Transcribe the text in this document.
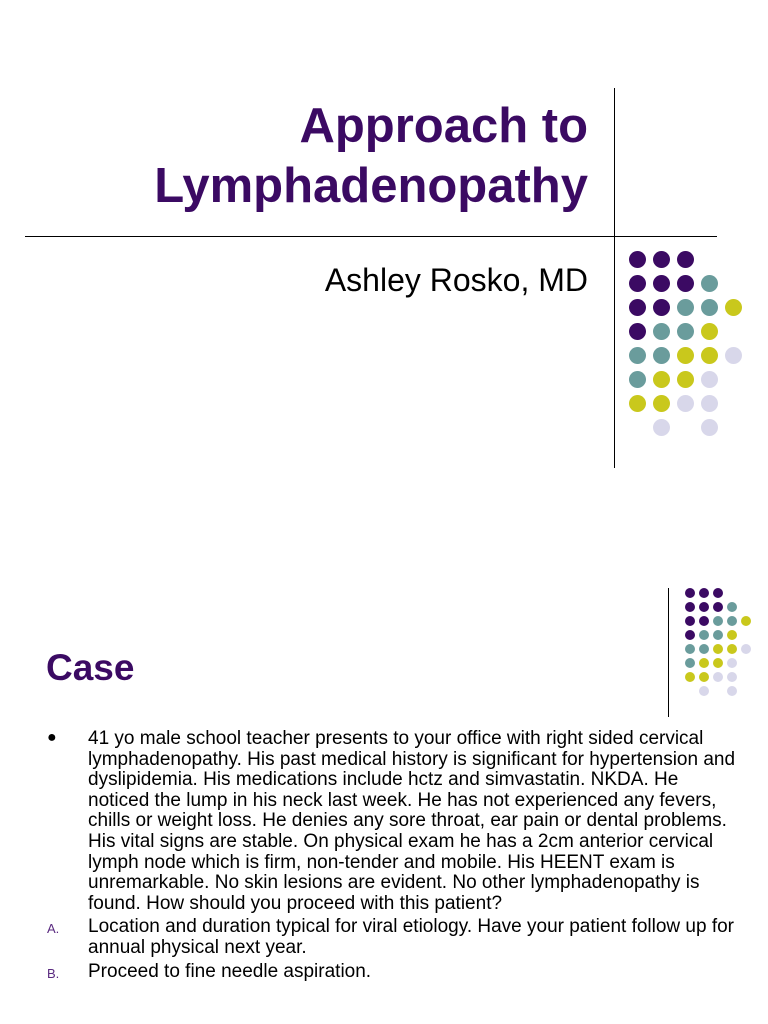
Approach to
Lymphadenopathy
Ashley Rosko, MD
Case
● 41 yo male school teacher presents to your office with right sided cervical lymphadenopathy. His past medical history is significant for hypertension and dyslipidemia. His medications include hctz and simvastatin. NKDA. He noticed the lump in his neck last week. He has not experienced any fevers, chills or weight loss. He denies any sore throat, ear pain or dental problems. His vital signs are stable. On physical exam he has a 2cm anterior cervical lymph node which is firm, non-tender and mobile. His HEENT exam is unremarkable. No skin lesions are evident. No other lymphadenopathy is found. How should you proceed with this patient?
A. Location and duration typical for viral etiology. Have your patient follow up for annual physical next year.
B. Proceed to fine needle aspiration.
